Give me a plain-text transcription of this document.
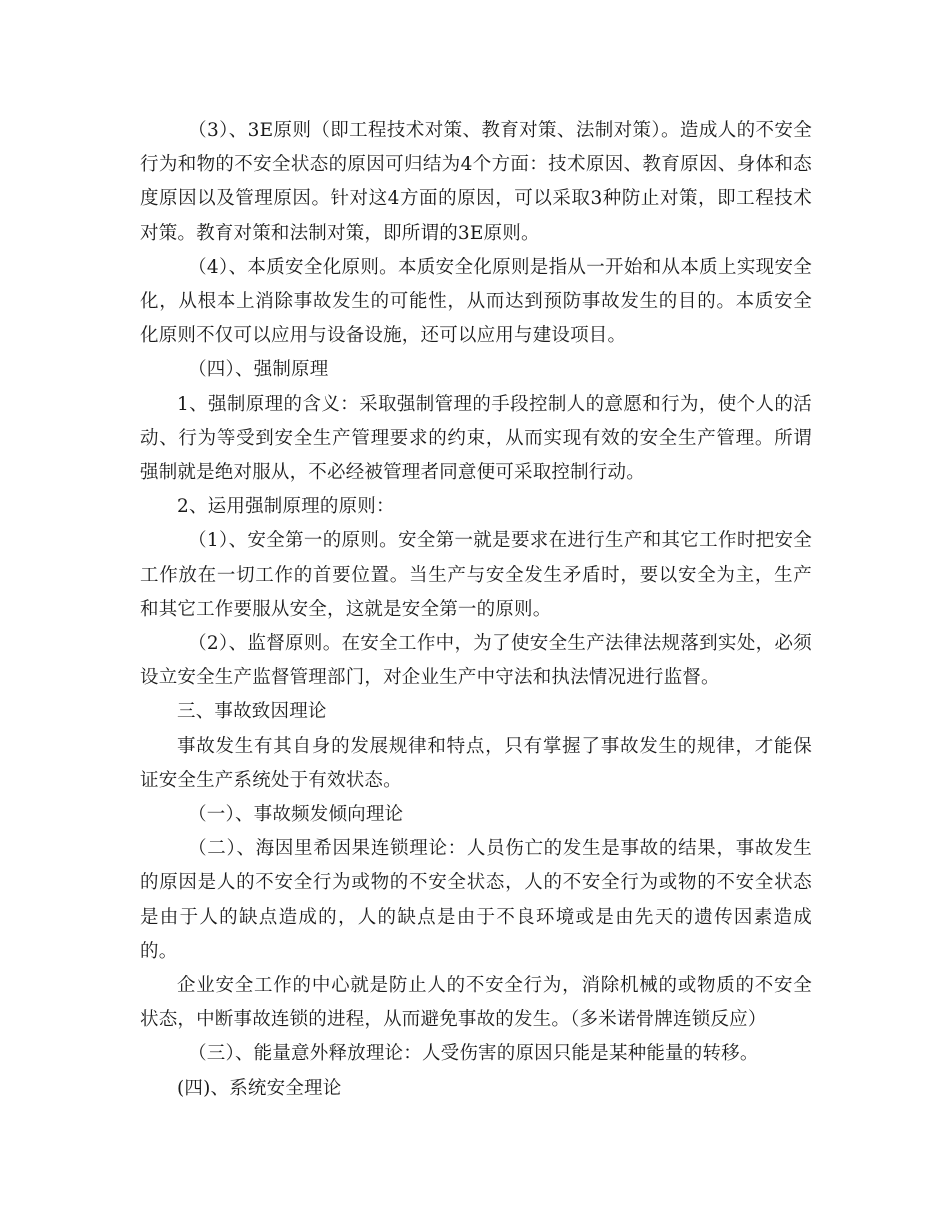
（3）、3E原则（即工程技术对策、教育对策、法制对策）。造成人的不安全行为和物的不安全状态的原因可归结为4个方面：技术原因、教育原因、身体和态度原因以及管理原因。针对这4方面的原因，可以采取3种防止对策，即工程技术对策。教育对策和法制对策，即所谓的3E原则。

（4）、本质安全化原则。本质安全化原则是指从一开始和从本质上实现安全化，从根本上消除事故发生的可能性，从而达到预防事故发生的目的。本质安全化原则不仅可以应用与设备设施，还可以应用与建设项目。

（四）、强制原理

1、强制原理的含义：采取强制管理的手段控制人的意愿和行为，使个人的活动、行为等受到安全生产管理要求的约束，从而实现有效的安全生产管理。所谓强制就是绝对服从，不必经被管理者同意便可采取控制行动。

2、运用强制原理的原则：

（1）、安全第一的原则。安全第一就是要求在进行生产和其它工作时把安全工作放在一切工作的首要位置。当生产与安全发生矛盾时，要以安全为主，生产和其它工作要服从安全，这就是安全第一的原则。

（2）、监督原则。在安全工作中，为了使安全生产法律法规落到实处，必须设立安全生产监督管理部门，对企业生产中守法和执法情况进行监督。

三、事故致因理论

事故发生有其自身的发展规律和特点，只有掌握了事故发生的规律，才能保证安全生产系统处于有效状态。

（一）、事故频发倾向理论

（二）、海因里希因果连锁理论：人员伤亡的发生是事故的结果，事故发生的原因是人的不安全行为或物的不安全状态，人的不安全行为或物的不安全状态是由于人的缺点造成的，人的缺点是由于不良环境或是由先天的遗传因素造成的。

企业安全工作的中心就是防止人的不安全行为，消除机械的或物质的不安全状态，中断事故连锁的进程，从而避免事故的发生。（多米诺骨牌连锁反应）

（三）、能量意外释放理论：人受伤害的原因只能是某种能量的转移。

(四)、系统安全理论
